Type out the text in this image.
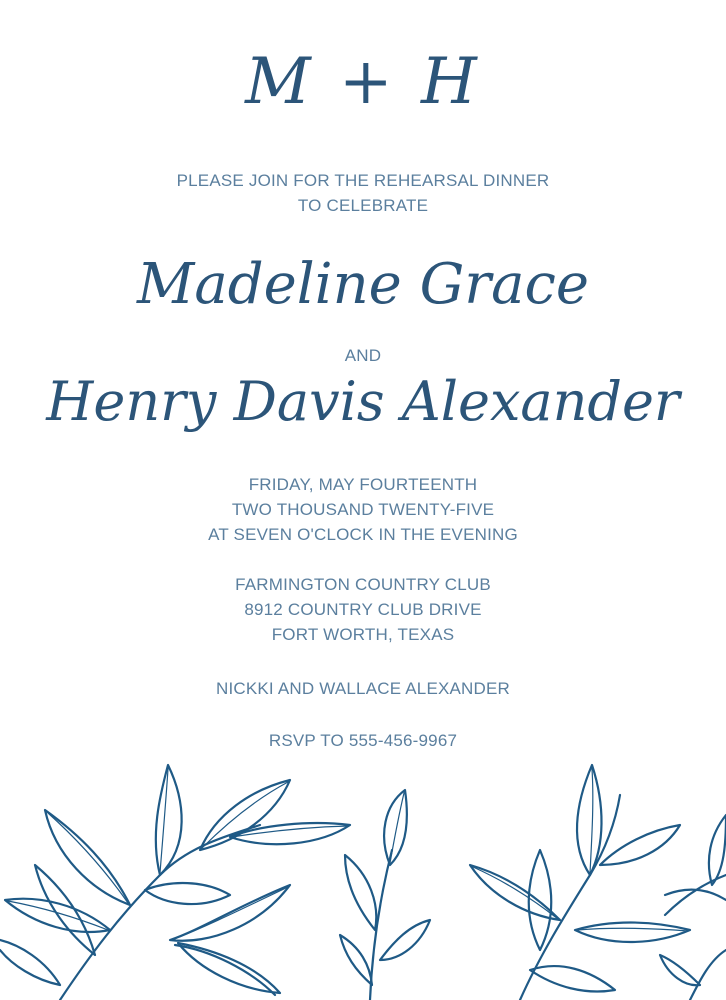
M + H
PLEASE JOIN FOR THE REHEARSAL DINNER
TO CELEBRATE
Madeline Grace
AND
Henry Davis Alexander
FRIDAY, MAY FOURTEENTH
TWO THOUSAND TWENTY-FIVE
AT SEVEN O'CLOCK IN THE EVENING
FARMINGTON COUNTRY CLUB
8912 COUNTRY CLUB DRIVE
FORT WORTH, TEXAS
NICKKI AND WALLACE ALEXANDER
RSVP TO 555-456-9967
